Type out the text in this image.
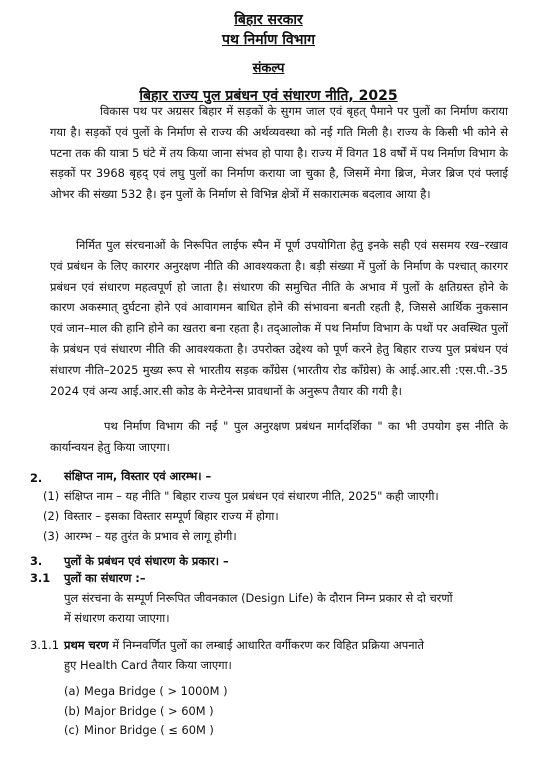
बिहार सरकार
पथ निर्माण विभाग
संकल्प
बिहार राज्य पुल प्रबंधन एवं संधारण नीति, 2025

विकास पथ पर अग्रसर बिहार में सड़कों के सुगम जाल एवं बृहत् पैमाने पर पुलों का निर्माण कराया गया है। सड़कों एवं पुलों के निर्माण से राज्य की अर्थव्यवस्था को नई गति मिली है। राज्य के किसी भी कोने से पटना तक की यात्रा 5 घंटे में तय किया जाना संभव हो पाया है। राज्य में विगत 18 वर्षों में पथ निर्माण विभाग के सड़कों पर 3968 बृहद् एवं लघु पुलों का निर्माण कराया जा चुका है, जिसमें मेगा ब्रिज, मेजर ब्रिज एवं फ्लाई ओभर की संख्या 532 है। इन पुलों के निर्माण से विभिन्न क्षेत्रों में सकारात्मक बदलाव आया है।

निर्मित पुल संरचनाओं के निरूपित लाईफ स्पैन में पूर्ण उपयोगिता हेतु इनके सही एवं ससमय रख–रखाव एवं प्रबंधन के लिए कारगर अनुरक्षण नीति की आवश्यकता है। बड़ी संख्या में पुलों के निर्माण के पश्चात् कारगर प्रबंधन एवं संधारण महत्वपूर्ण हो जाता है। संधारण की समुचित नीति के अभाव में पुलों के क्षतिग्रस्त होने के कारण अकस्मात् दुर्घटना होने एवं आवागमन बाधित होने की संभावना बनती रहती है, जिससे आर्थिक नुकसान एवं जान–माल की हानि होने का खतरा बना रहता है। तद्आलोक में पथ निर्माण विभाग के पथों पर अवस्थित पुलों के प्रबंधन एवं संधारण नीति की आवश्यकता है। उपरोक्त उद्देश्य को पूर्ण करने हेतु बिहार राज्य पुल प्रबंधन एवं संधारण नीति–2025 मुख्य रूप से भारतीय सड़क कॉंग्रेस (भारतीय रोड कॉंग्रेस) के आई.आर.सी :एस.पी.-35 2024 एवं अन्य आई.आर.सी कोड के मेन्टेनेन्स प्रावधानों के अनुरूप तैयार की गयी है।

पथ निर्माण विभाग की नई " पुल अनुरक्षण प्रबंधन मार्गदर्शिका " का भी उपयोग इस नीति के कार्यान्वयन हेतु किया जाएगा।

2. संक्षिप्त नाम, विस्तार एवं आरम्भ। –
(1) संक्षिप्त नाम – यह नीति " बिहार राज्य पुल प्रबंधन एवं संधारण नीति, 2025" कही जाएगी।
(2) विस्तार – इसका विस्तार सम्पूर्ण बिहार राज्य में होगा।
(3) आरम्भ – यह तुरंत के प्रभाव से लागू होगी।
3. पुलों के प्रबंधन एवं संधारण के प्रकार। –
3.1 पुलों का संधारण :–
पुल संरचना के सम्पूर्ण निरूपित जीवनकाल (Design Life) के दौरान निम्न प्रकार से दो चरणों
में संधारण कराया जाएगा।
3.1.1 प्रथम चरण में निम्नवर्णित पुलों का लम्बाई आधारित वर्गीकरण कर विहित प्रक्रिया अपनाते
हुए Health Card तैयार किया जाएगा।
(a) Mega Bridge ( > 1000M )
(b) Major Bridge ( > 60M )
(c) Minor Bridge ( ≤ 60M )
